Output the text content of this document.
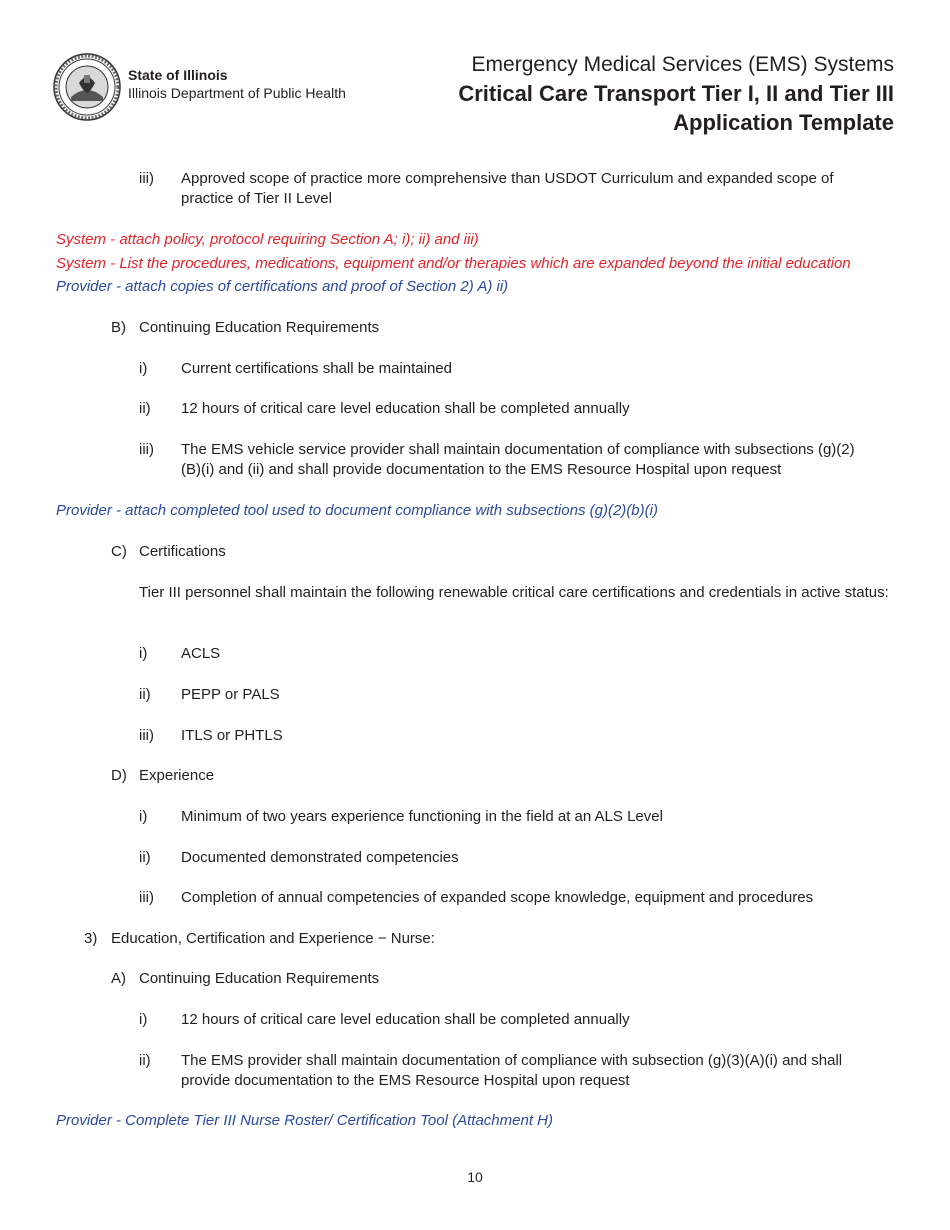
State of Illinois
Illinois Department of Public Health
Emergency Medical Services (EMS) Systems
Critical Care Transport Tier I, II and Tier III
Application Template
iii) Approved scope of practice more comprehensive than USDOT Curriculum and expanded scope of practice of Tier II Level
System - attach policy, protocol requiring Section A; i); ii) and iii)
System - List the procedures, medications, equipment and/or therapies which are expanded beyond the initial education
Provider - attach copies of certifications and proof of Section 2) A) ii)
B) Continuing Education Requirements
i) Current certifications shall be maintained
ii) 12 hours of critical care level education shall be completed annually
iii) The EMS vehicle service provider shall maintain documentation of compliance with subsections (g)(2)(B)(i) and (ii) and shall provide documentation to the EMS Resource Hospital upon request
Provider - attach completed tool used to document compliance with subsections (g)(2)(b)(i)
C) Certifications
Tier III personnel shall maintain the following renewable critical care certifications and credentials in active status:
i) ACLS
ii) PEPP or PALS
iii) ITLS or PHTLS
D) Experience
i) Minimum of two years experience functioning in the field at an ALS Level
ii) Documented demonstrated competencies
iii) Completion of annual competencies of expanded scope knowledge, equipment and procedures
3) Education, Certification and Experience − Nurse:
A) Continuing Education Requirements
i) 12 hours of critical care level education shall be completed annually
ii) The EMS provider shall maintain documentation of compliance with subsection (g)(3)(A)(i) and shall provide documentation to the EMS Resource Hospital upon request
Provider - Complete Tier III Nurse Roster/ Certification Tool (Attachment H)
10
